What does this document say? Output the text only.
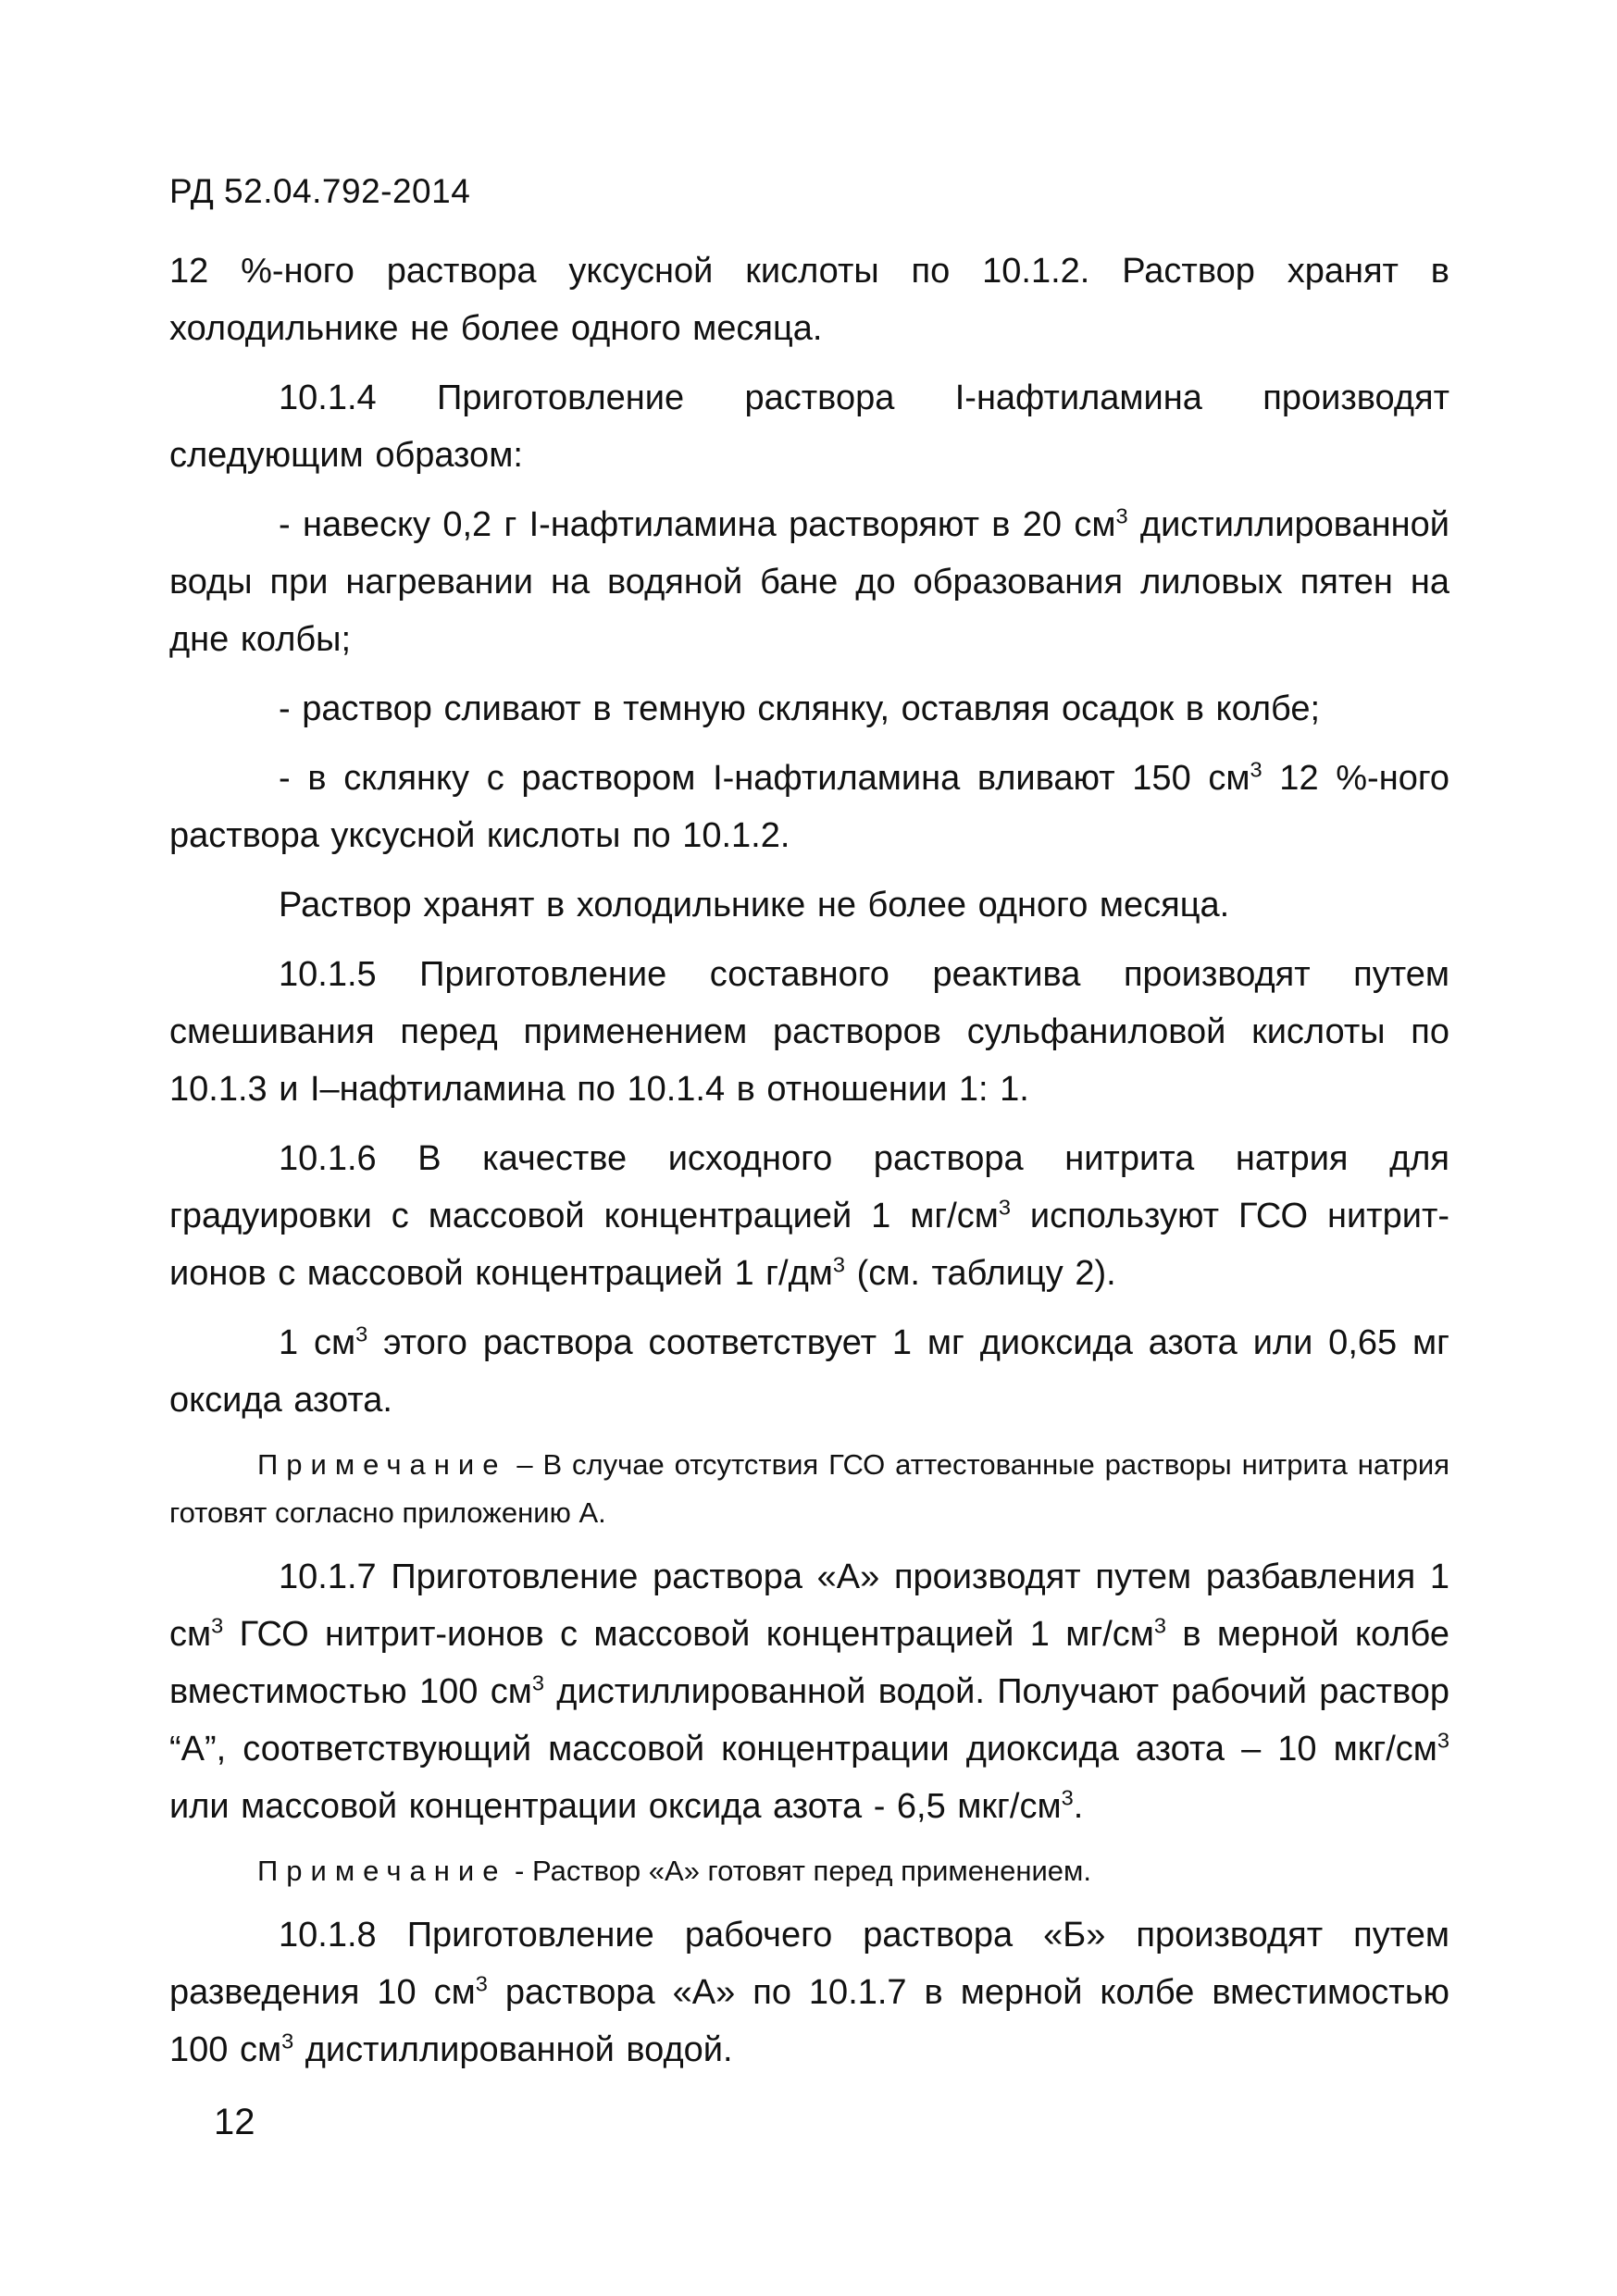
РД 52.04.792-2014

12 %-ного раствора уксусной кислоты по 10.1.2. Раствор хранят в холодильнике не более одного месяца.

10.1.4 Приготовление раствора I-нафтиламина производят следующим образом:

- навеску 0,2 г I-нафтиламина растворяют в 20 $см^3$ дистиллированной воды при нагревании на водяной бане до образования лиловых пятен на дне колбы;

- раствор сливают в темную склянку, оставляя осадок в колбе;

- в склянку с раствором I-нафтиламина вливают 150 $см^3$ 12 %-ного раствора уксусной кислоты по 10.1.2.

Раствор хранят в холодильнике не более одного месяца.

10.1.5 Приготовление составного реактива производят путем смешивания перед применением растворов сульфаниловой кислоты по 10.1.3 и I–нафтиламина по 10.1.4 в отношении 1: 1.

10.1.6 В качестве исходного раствора нитрита натрия для градуировки с массовой концентрацией 1 $мг/см^3$ используют ГСО нитрит-ионов с массовой концентрацией 1 $г/дм^3$ (см. таблицу 2).

1 $см^3$ этого раствора соответствует 1 мг диоксида азота или 0,65 мг оксида азота.

Примечание – В случае отсутствия ГСО аттестованные растворы нитрита натрия готовят согласно приложению А.

10.1.7 Приготовление раствора «А» производят путем разбавления 1 $см^3$ ГСО нитрит-ионов с массовой концентрацией 1 $мг/см^3$ в мерной колбе вместимостью 100 $см^3$ дистиллированной водой. Получают рабочий раствор “А”, соответствующий массовой концентрации диоксида азота – 10 мкг/$см^3$ или массовой концентрации оксида азота - 6,5 мкг/$см^3$.

Примечание - Раствор «А» готовят перед применением.

10.1.8 Приготовление рабочего раствора «Б» производят путем разведения 10 $см^3$ раствора «А» по 10.1.7 в мерной колбе вместимостью 100 $см^3$ дистиллированной водой.

12
